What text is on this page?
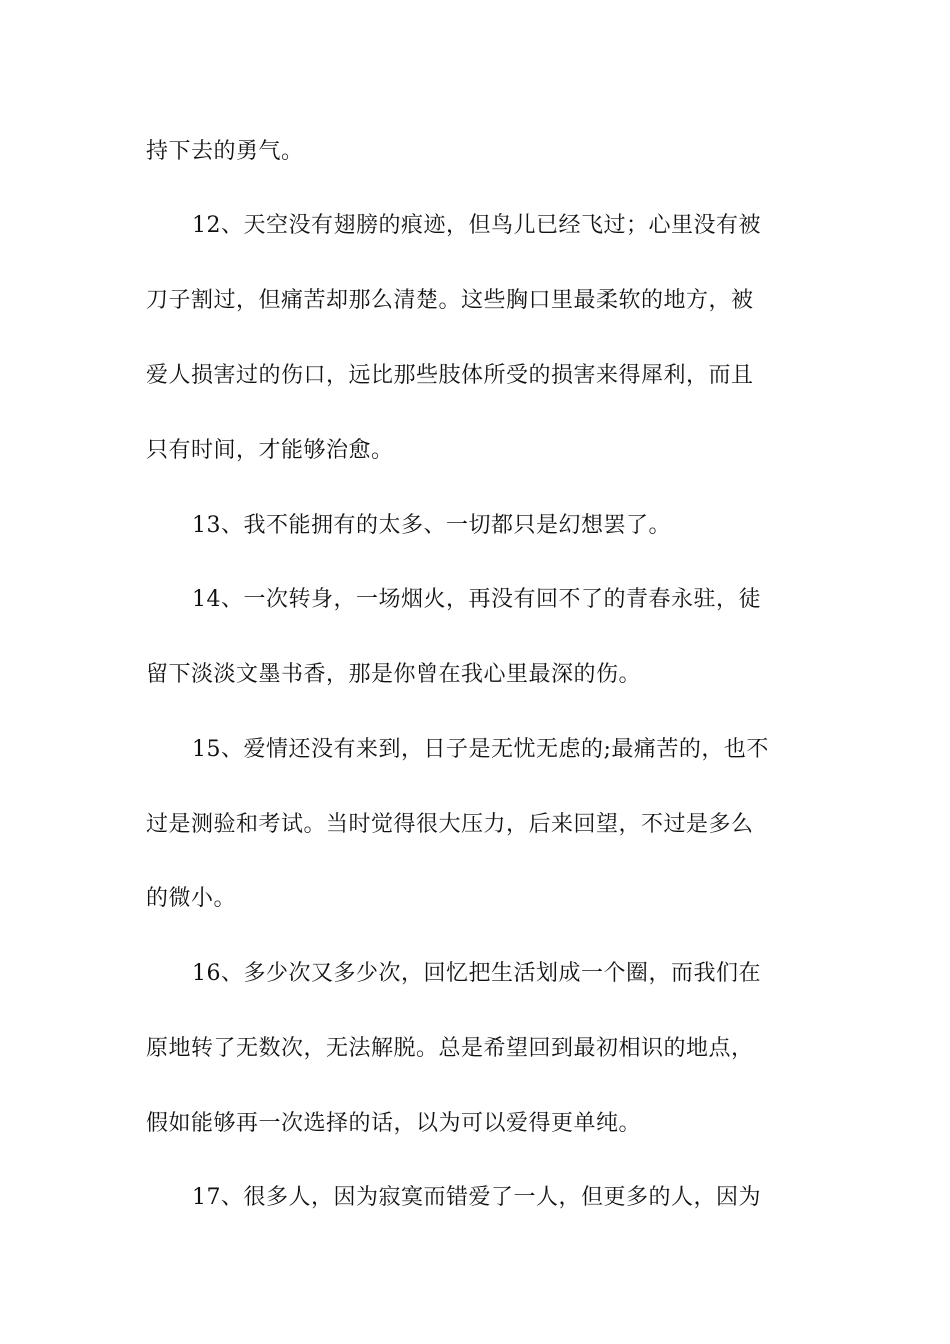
持下去的勇气。
12、天空没有翅膀的痕迹，但鸟儿已经飞过；心里没有被
刀子割过，但痛苦却那么清楚。这些胸口里最柔软的地方，被
爱人损害过的伤口，远比那些肢体所受的损害来得犀利，而且
只有时间，才能够治愈。
13、我不能拥有的太多、一切都只是幻想罢了。
14、一次转身，一场烟火，再没有回不了的青春永驻，徒
留下淡淡文墨书香，那是你曾在我心里最深的伤。
15、爱情还没有来到，日子是无忧无虑的;最痛苦的，也不
过是测验和考试。当时觉得很大压力，后来回望，不过是多么
的微小。
16、多少次又多少次，回忆把生活划成一个圈，而我们在
原地转了无数次，无法解脱。总是希望回到最初相识的地点，
假如能够再一次选择的话，以为可以爱得更单纯。
17、很多人，因为寂寞而错爱了一人，但更多的人，因为
